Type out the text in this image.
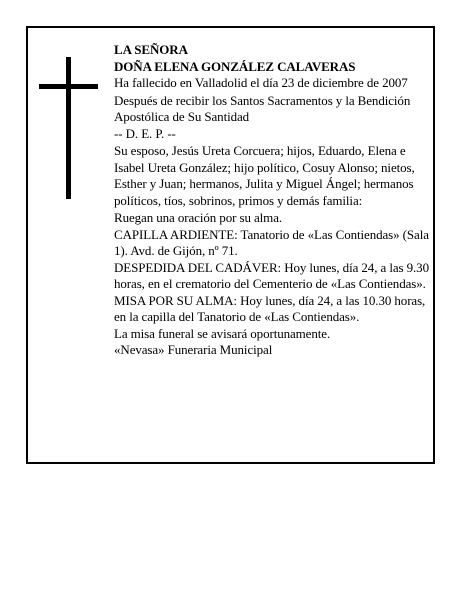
LA SEÑORA

DOÑA ELENA GONZÁLEZ CALAVERAS

Ha fallecido en Valladolid el día 23 de diciembre de 2007

Después de recibir los Santos Sacramentos y la Bendición Apostólica de Su Santidad

-- D. E. P. --

Su esposo, Jesús Ureta Corcuera; hijos, Eduardo, Elena e Isabel Ureta González; hijo político, Cosuy Alonso; nietos, Esther y Juan; hermanos, Julita y Miguel Ángel; hermanos políticos, tíos, sobrinos, primos y demás familia:

Ruegan una oración por su alma.

CAPILLA ARDIENTE: Tanatorio de «Las Contiendas» (Sala 1). Avd. de Gijón, nº 71.

DESPEDIDA DEL CADÁVER: Hoy lunes, día 24, a las 9.30 horas, en el crematorio del Cementerio de «Las Contiendas».

MISA POR SU ALMA: Hoy lunes, día 24, a las 10.30 horas, en la capilla del Tanatorio de «Las Contiendas».

La misa funeral se avisará oportunamente.

«Nevasa» Funeraria Municipal
